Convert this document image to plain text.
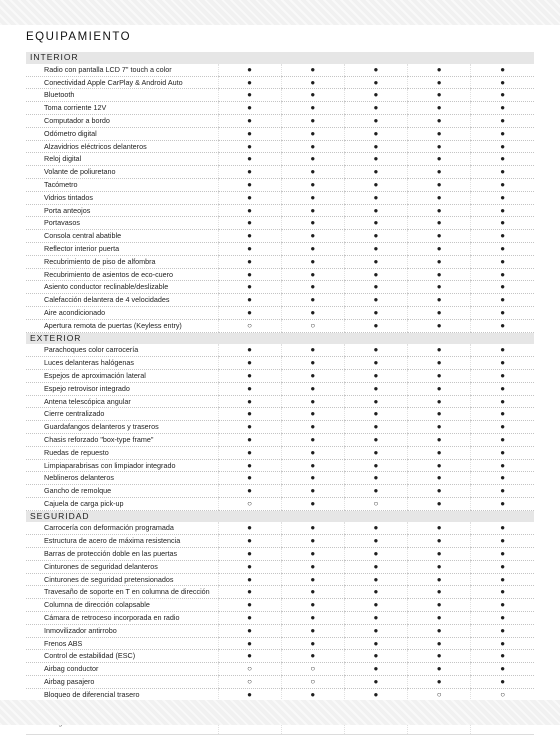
EQUIPAMIENTO
INTERIOR					
Radio con pantalla LCD 7" touch a color	●	●	●	●	●
Conectividad Apple CarPlay & Android Auto	●	●	●	●	●
Bluetooth	●	●	●	●	●
Toma corriente 12V	●	●	●	●	●
Computador a bordo	●	●	●	●	●
Odómetro digital	●	●	●	●	●
Alzavidrios eléctricos delanteros	●	●	●	●	●
Reloj digital	●	●	●	●	●
Volante de poliuretano	●	●	●	●	●
Tacómetro	●	●	●	●	●
Vidrios tintados	●	●	●	●	●
Porta anteojos	●	●	●	●	●
Portavasos	●	●	●	●	●
Consola central abatible	●	●	●	●	●
Reflector interior puerta	●	●	●	●	●
Recubrimiento de piso de alfombra	●	●	●	●	●
Recubrimiento de asientos de eco-cuero	●	●	●	●	●
Asiento conductor reclinable/deslizable	●	●	●	●	●
Calefacción delantera de 4 velocidades	●	●	●	●	●
Aire acondicionado	●	●	●	●	●
Apertura remota de puertas (Keyless entry)	○	○	●	●	●
EXTERIOR					
Parachoques color carrocería	●	●	●	●	●
Luces delanteras halógenas	●	●	●	●	●
Espejos de aproximación lateral	●	●	●	●	●
Espejo retrovisor integrado	●	●	●	●	●
Antena telescópica angular	●	●	●	●	●
Cierre centralizado	●	●	●	●	●
Guardafangos delanteros y traseros	●	●	●	●	●
Chasis reforzado "box-type frame"	●	●	●	●	●
Ruedas de repuesto	●	●	●	●	●
Limpiaparabrisas con limpiador integrado	●	●	●	●	●
Neblineros delanteros	●	●	●	●	●
Gancho de remolque	●	●	●	●	●
Cajuela de carga pick-up	○	●	○	●	●
SEGURIDAD					
Carrocería con deformación programada	●	●	●	●	●
Estructura de acero de máxima resistencia	●	●	●	●	●
Barras de protección doble en las puertas	●	●	●	●	●
Cinturones de seguridad delanteros	●	●	●	●	●
Cinturones de seguridad pretensionados	●	●	●	●	●
Travesaño de soporte en T en columna de dirección	●	●	●	●	●
Columna de dirección colapsable	●	●	●	●	●
Cámara de retroceso incorporada en radio	●	●	●	●	●
Inmovilizador antirrobo	●	●	●	●	●
Frenos ABS	●	●	●	●	●
Control de estabilidad (ESC)	●	●	●	●	●
Airbag conductor	○	○	●	●	●
Airbag pasajero	○	○	●	●	●
Bloqueo de diferencial trasero	●	●	●	○	○
